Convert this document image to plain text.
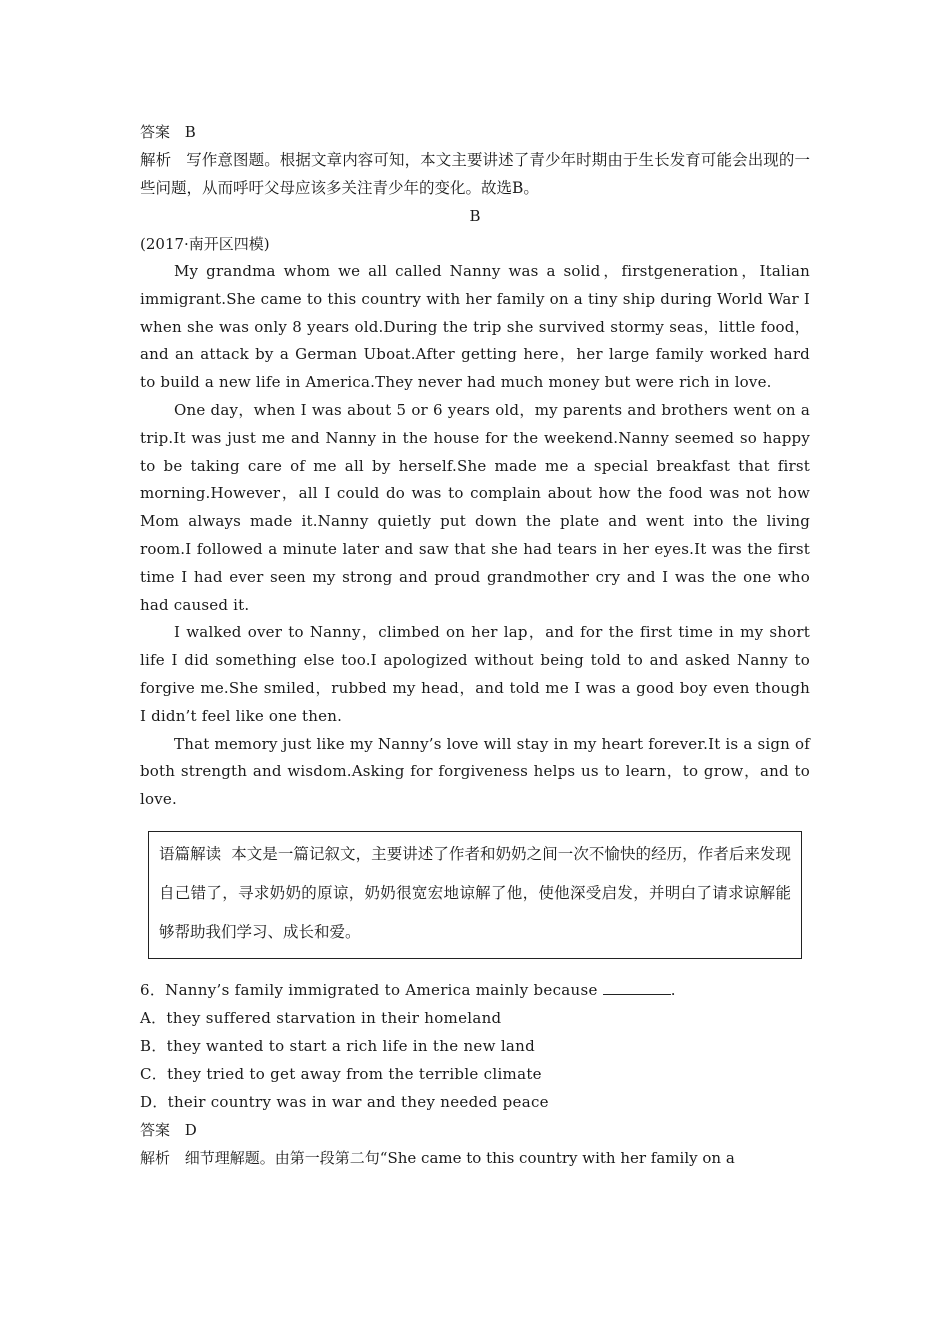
答案 B

解析 写作意图题。根据文章内容可知，本文主要讲述了青少年时期由于生长发育可能会出现的一些问题，从而呼吁父母应该多关注青少年的变化。故选B。

B

(2017·南开区四模)

My grandma whom we all called Nanny was a solid，firstgeneration，Italian immigrant.She came to this country with her family on a tiny ship during World War Ⅰ when she was only 8 years old.During the trip she survived stormy seas，little food，and an attack by a German Uboat.After getting here，her large family worked hard to build a new life in America.They never had much money but were rich in love.

One day，when I was about 5 or 6 years old，my parents and brothers went on a trip.It was just me and Nanny in the house for the weekend.Nanny seemed so happy to be taking care of me all by herself.She made me a special breakfast that first morning.However，all I could do was to complain about how the food was not how Mom always made it.Nanny quietly put down the plate and went into the living room.I followed a minute later and saw that she had tears in her eyes.It was the first time I had ever seen my strong and proud grandmother cry and I was the one who had caused it.

I walked over to Nanny，climbed on her lap，and for the first time in my short life I did something else too.I apologized without being told to and asked Nanny to forgive me.She smiled，rubbed my head，and told me I was a good boy even though I didn’t feel like one then.

That memory just like my Nanny’s love will stay in my heart forever.It is a sign of both strength and wisdom.Asking for forgiveness helps us to learn，to grow，and to love.

语篇解读 本文是一篇记叙文，主要讲述了作者和奶奶之间一次不愉快的经历，作者后来发现自己错了，寻求奶奶的原谅，奶奶很宽宏地谅解了他，使他深受启发，并明白了请求谅解能够帮助我们学习、成长和爱。

6．Nanny’s family immigrated to America mainly because	.

A．they suffered starvation in their homeland

B．they wanted to start a rich life in the new land

C．they tried to get away from the terrible climate

D．their country was in war and they needed peace

答案 D

解析 细节理解题。由第一段第二句“She came to this country with her family on a
